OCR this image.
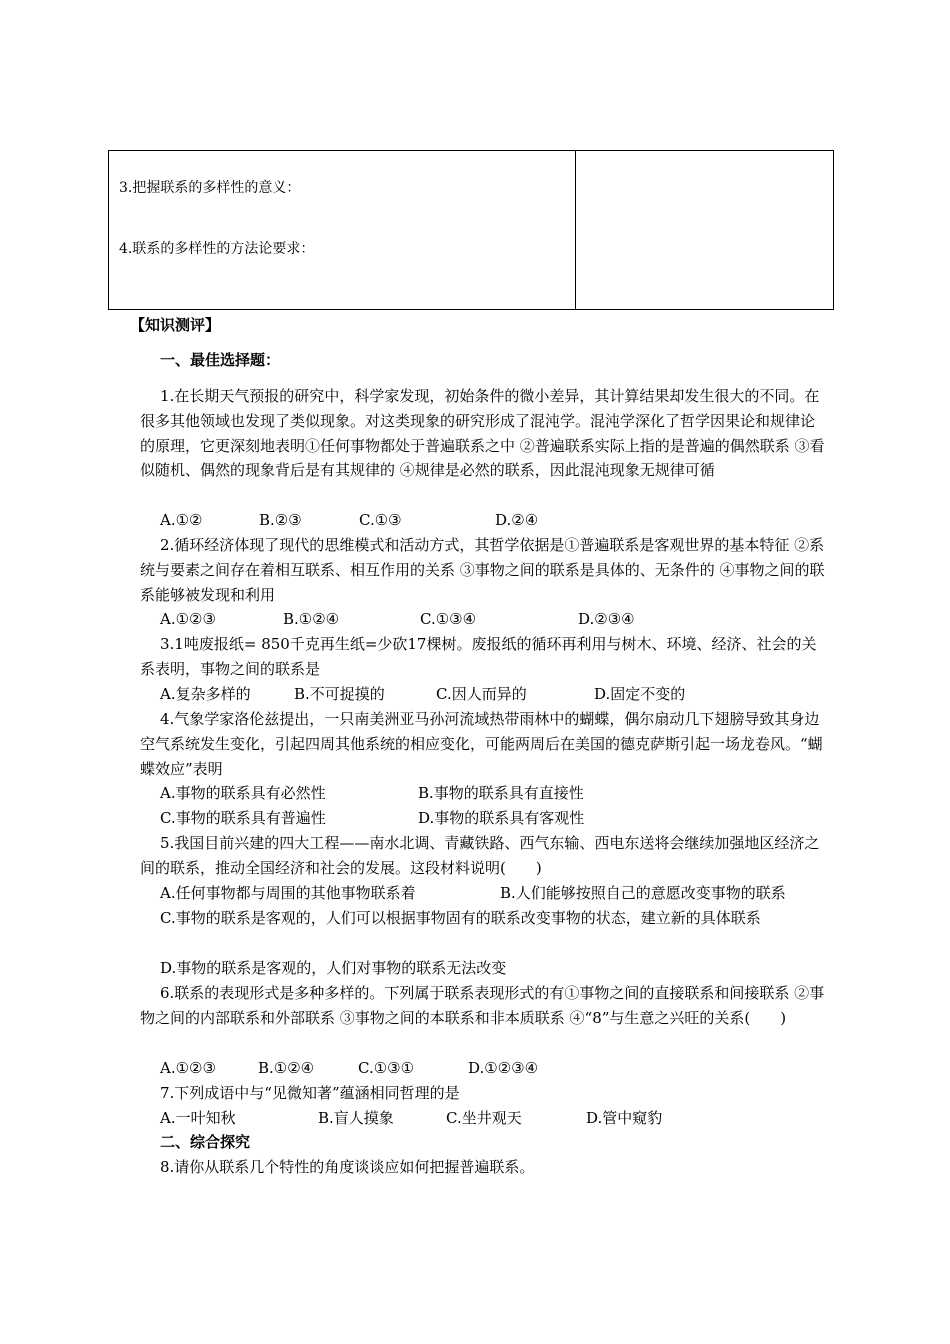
3.把握联系的多样性的意义：
4.联系的多样性的方法论要求：
【知识测评】
一、最佳选择题：
1.在长期天气预报的研究中，科学家发现，初始条件的微小差异，其计算结果却发生很大的不同。在很多其他领域也发现了类似现象。对这类现象的研究形成了混沌学。混沌学深化了哲学因果论和规律论的原理，它更深刻地表明①任何事物都处于普遍联系之中 ②普遍联系实际上指的是普遍的偶然联系 ③看似随机、偶然的现象背后是有其规律的 ④规律是必然的联系，因此混沌现象无规律可循
A.①②	B.②③	C.①③	D.②④
2.循环经济体现了现代的思维模式和活动方式，其哲学依据是①普遍联系是客观世界的基本特征 ②系统与要素之间存在着相互联系、相互作用的关系 ③事物之间的联系是具体的、无条件的 ④事物之间的联系能够被发现和利用
A.①②③	B.①②④	C.①③④	D.②③④
3.1吨废报纸= 850千克再生纸=少砍17棵树。废报纸的循环再利用与树木、环境、经济、社会的关系表明，事物之间的联系是
A.复杂多样的	B.不可捉摸的	C.因人而异的	D.固定不变的
4.气象学家洛伦兹提出，一只南美洲亚马孙河流域热带雨林中的蝴蝶，偶尔扇动几下翅膀导致其身边空气系统发生变化，引起四周其他系统的相应变化，可能两周后在美国的德克萨斯引起一场龙卷风。“蝴蝶效应”表明
A.事物的联系具有必然性	B.事物的联系具有直接性
C.事物的联系具有普遍性	D.事物的联系具有客观性
5.我国目前兴建的四大工程——南水北调、青藏铁路、西气东输、西电东送将会继续加强地区经济之间的联系，推动全国经济和社会的发展。这段材料说明(　　)
A.任何事物都与周围的其他事物联系着	B.人们能够按照自己的意愿改变事物的联系
C.事物的联系是客观的，人们可以根据事物固有的联系改变事物的状态，建立新的具体联系
D.事物的联系是客观的，人们对事物的联系无法改变
6.联系的表现形式是多种多样的。下列属于联系表现形式的有①事物之间的直接联系和间接联系 ②事物之间的内部联系和外部联系 ③事物之间的本联系和非本质联系 ④“8”与生意之兴旺的关系(　　)
A.①②③	B.①②④	C.①③①	D.①②③④
7.下列成语中与“见微知著”蕴涵相同哲理的是
A.一叶知秋	B.盲人摸象	C.坐井观天	D.管中窥豹
二、综合探究
8.请你从联系几个特性的角度谈谈应如何把握普遍联系。
